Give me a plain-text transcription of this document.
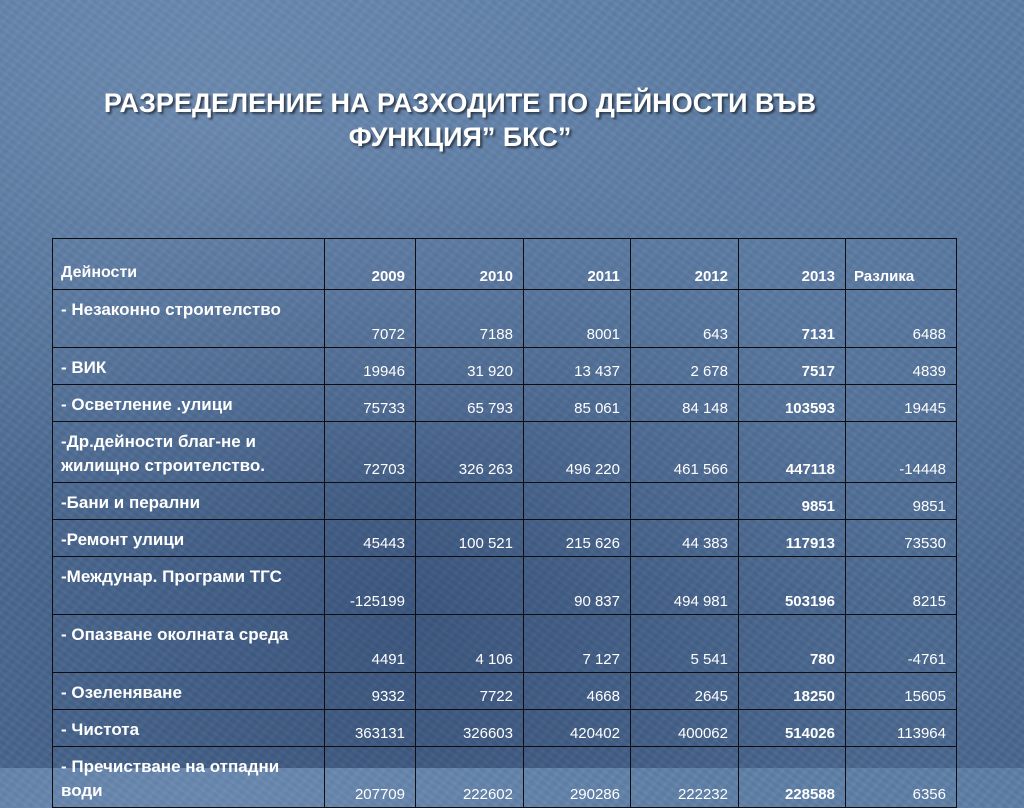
РАЗРЕДЕЛЕНИЕ НА РАЗХОДИТЕ ПО ДЕЙНОСТИ ВЪВ
ФУНКЦИЯ” БКС”
Дейности	2009	2010	2011	2012	2013	Разлика
- Незаконно строителство	7072	7188	8001	643	7131	6488
- ВИК	19946	31 920	13 437	2 678	7517	4839
- Осветление .улици	75733	65 793	85 061	84 148	103593	19445
-Др.дейности благ-не и жилищно строителство.	72703	326 263	496 220	461 566	447118	-14448
-Бани и перални					9851	9851
-Ремонт улици	45443	100 521	215 626	44 383	117913	73530
-Междунар. Програми ТГС	-125199		90 837	494 981	503196	8215
- Опазване околната среда	4491	4 106	7 127	5 541	780	-4761
- Озеленяване	9332	7722	4668	2645	18250	15605
- Чистота	363131	326603	420402	400062	514026	113964
- Пречистване на отпадни води	207709	222602	290286	222232	228588	6356
